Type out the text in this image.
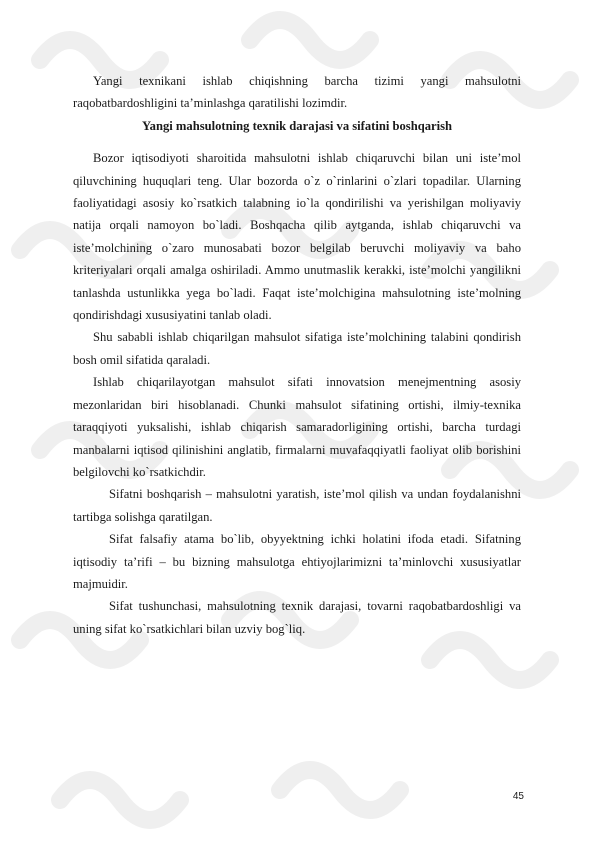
Yangi texnikani ishlab chiqishning barcha tizimi yangi mahsulotni raqobatbardoshligini ta’minlashga qaratilishi lozimdir.

Yangi mahsulotning texnik darajasi va sifatini boshqarish

Bozor iqtisodiyoti sharoitida mahsulotni ishlab chiqaruvchi bilan uni iste’mol qiluvchining huquqlari teng. Ular bozorda o`z o`rinlarini o`zlari topadilar. Ularning faoliyatidagi asosiy ko`rsatkich talabning io`la qondirilishi va yerishilgan moliyaviy natija orqali namoyon bo`ladi. Boshqacha qilib aytganda, ishlab chiqaruvchi va iste’molchining o`zaro munosabati bozor belgilab beruvchi moliyaviy va baho kriteriyalari orqali amalga oshiriladi. Ammo unutmaslik kerakki, iste’molchi yangilikni tanlashda ustunlikka yega bo`ladi. Faqat iste’molchigina mahsulotning iste’molning qondirishdagi xususiyatini tanlab oladi.

Shu sababli ishlab chiqarilgan mahsulot sifatiga iste’molchining talabini qondirish bosh omil sifatida qaraladi.

Ishlab chiqarilayotgan mahsulot sifati innovatsion menejmentning asosiy mezonlaridan biri hisoblanadi. Chunki mahsulot sifatining ortishi, ilmiy-texnika taraqqiyoti yuksalishi, ishlab chiqarish samaradorligining ortishi, barcha turdagi manbalarni iqtisod qilinishini anglatib, firmalarni muvafaqqiyatli faoliyat olib borishini belgilovchi ko`rsatkichdir.

Sifatni boshqarish – mahsulotni yaratish, iste’mol qilish va undan foydalanishni tartibga solishga qaratilgan.

Sifat falsafiy atama bo`lib, obyyektning ichki holatini ifoda etadi. Sifatning iqtisodiy ta’rifi – bu bizning mahsulotga ehtiyojlarimizni ta’minlovchi xususiyatlar majmuidir.

Sifat tushunchasi, mahsulotning texnik darajasi, tovarni raqobatbardoshligi va uning sifat ko`rsatkichlari bilan uzviy bog`liq.

45
